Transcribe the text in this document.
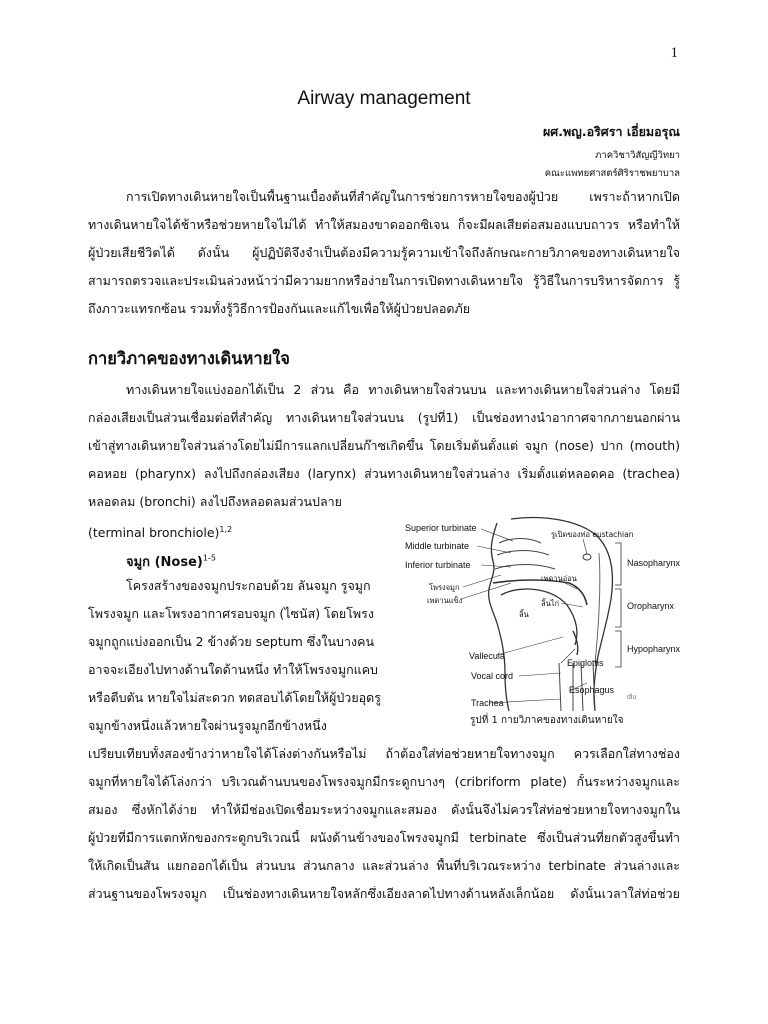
1
Airway management
ผศ.พญ.อริศรา เอี่ยมอรุณ
ภาควิชาวิสัญญีวิทยา
คณะแพทยศาสตร์ศิริราชพยาบาล
การเปิดทางเดินหายใจเป็นพื้นฐานเบื้องต้นที่สำคัญในการช่วยการหายใจของผู้ป่วย เพราะถ้าหากเปิด
ทางเดินหายใจได้ช้าหรือช่วยหายใจไม่ได้ ทำให้สมองขาดออกซิเจน ก็จะมีผลเสียต่อสมองแบบถาวร หรือทำให้
ผู้ป่วยเสียชีวิตได้ ดังนั้น ผู้ปฏิบัติจึงจำเป็นต้องมีความรู้ความเข้าใจถึงลักษณะกายวิภาคของทางเดินหายใจ
สามารถตรวจและประเมินล่วงหน้าว่ามีความยากหรือง่ายในการเปิดทางเดินหายใจ รู้วิธีในการบริหารจัดการ รู้
ถึงภาวะแทรกซ้อน รวมทั้งรู้วิธีการป้องกันและแก้ไขเพื่อให้ผู้ป่วยปลอดภัย
กายวิภาคของทางเดินหายใจ
ทางเดินหายใจแบ่งออกได้เป็น 2 ส่วน คือ ทางเดินหายใจส่วนบน และทางเดินหายใจส่วนล่าง โดยมี
กล่องเสียงเป็นส่วนเชื่อมต่อที่สำคัญ ทางเดินหายใจส่วนบน (รูปที่1) เป็นช่องทางนำอากาศจากภายนอกผ่าน
เข้าสู่ทางเดินหายใจส่วนล่างโดยไม่มีการแลกเปลี่ยนก๊าซเกิดขึ้น โดยเริ่มต้นตั้งแต่ จมูก (nose) ปาก (mouth)
คอหอย (pharynx) ลงไปถึงกล่องเสียง (larynx) ส่วนทางเดินหายใจส่วนล่าง เริ่มตั้งแต่หลอดคอ (trachea)
หลอดลม (bronchi) ลงไปถึงหลอดลมส่วนปลาย
(terminal bronchiole)$^{1,2}$
จมูก (Nose)$^{1-5}$
โครงสร้างของจมูกประกอบด้วย ลันจมูก รูจมูก
โพรงจมูก และโพรงอากาศรอบจมูก (ไซนัส) โดยโพรง
จมูกถูกแบ่งออกเป็น 2 ข้างด้วย septum ซึ่งในบางคน
อาจจะเอียงไปทางด้านใดด้านหนึ่ง ทำให้โพรงจมูกแคบ
หรือตีบตัน หายใจไม่สะดวก ทดสอบได้โดยให้ผู้ป่วยอุดรู
จมูกข้างหนึ่งแล้วหายใจผ่านรูจมูกอีกข้างหนึ่ง
Superior turbinate
Middle turbinate
Inferior turbinate
รูเปิดของท่อ eustachian
Nasopharynx
โพรงจมูก
เพดานแข็ง
เพดานอ่อน
Oropharynx
ลิ้นไก่
ลิ้น
Hypopharynx
Vallecula
Epiglottis
Vocal cord
Esophagus
Trachea
dlu
รูปที่ 1 กายวิภาคของทางเดินหายใจ
เปรียบเทียบทั้งสองข้างว่าหายใจได้โล่งต่างกันหรือไม่ ถ้าต้องใส่ท่อช่วยหายใจทางจมูก ควรเลือกใส่ทางช่อง
จมูกที่หายใจได้โล่งกว่า บริเวณด้านบนของโพรงจมูกมีกระดูกบางๆ (cribriform plate) กั้นระหว่างจมูกและ
สมอง ซึ่งหักได้ง่าย ทำให้มีช่องเปิดเชื่อมระหว่างจมูกและสมอง ดังนั้นจึงไม่ควรใส่ท่อช่วยหายใจทางจมูกใน
ผู้ป่วยที่มีการแตกหักของกระดูกบริเวณนี้ ผนังด้านข้างของโพรงจมูกมี terbinate ซึ่งเป็นส่วนที่ยกตัวสูงขึ้นทำ
ให้เกิดเป็นสัน แยกออกได้เป็น ส่วนบน ส่วนกลาง และส่วนล่าง พื้นที่บริเวณระหว่าง terbinate ส่วนล่างและ
ส่วนฐานของโพรงจมูก เป็นช่องทางเดินหายใจหลักซึ่งเอียงลาดไปทางด้านหลังเล็กน้อย ดังนั้นเวลาใส่ท่อช่วย
